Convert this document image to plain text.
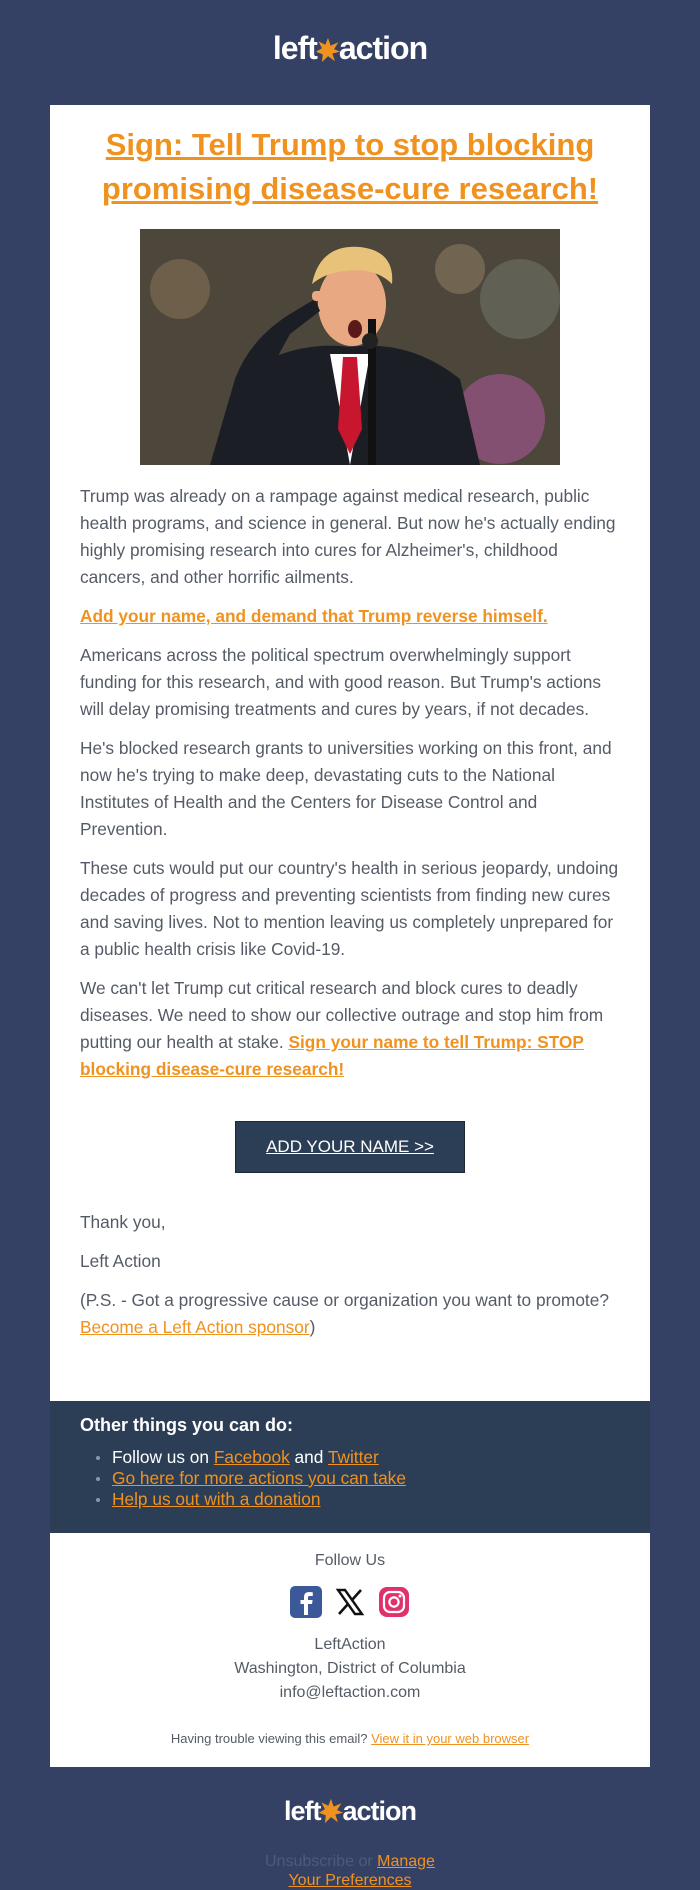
left action
Sign: Tell Trump to stop blocking promising disease-cure research!

Trump was already on a rampage against medical research, public health programs, and science in general. But now he's actually ending highly promising research into cures for Alzheimer's, childhood cancers, and other horrific ailments.

Add your name, and demand that Trump reverse himself.

Americans across the political spectrum overwhelmingly support funding for this research, and with good reason. But Trump's actions will delay promising treatments and cures by years, if not decades.

He's blocked research grants to universities working on this front, and now he's trying to make deep, devastating cuts to the National Institutes of Health and the Centers for Disease Control and Prevention.

These cuts would put our country's health in serious jeopardy, undoing decades of progress and preventing scientists from finding new cures and saving lives. Not to mention leaving us completely unprepared for a public health crisis like Covid-19.

We can't let Trump cut critical research and block cures to deadly diseases. We need to show our collective outrage and stop him from putting our health at stake. Sign your name to tell Trump: STOP blocking disease-cure research!

ADD YOUR NAME >>

Thank you,

Left Action

(P.S. - Got a progressive cause or organization you want to promote? Become a Left Action sponsor)

Other things you can do:
Follow us on Facebook and Twitter
Go here for more actions you can take
Help us out with a donation
Follow Us

LeftAction
Washington, District of Columbia
info@leftaction.com
Having trouble viewing this email? View it in your web browser
left action
Unsubscribe or Manage
Your Preferences
